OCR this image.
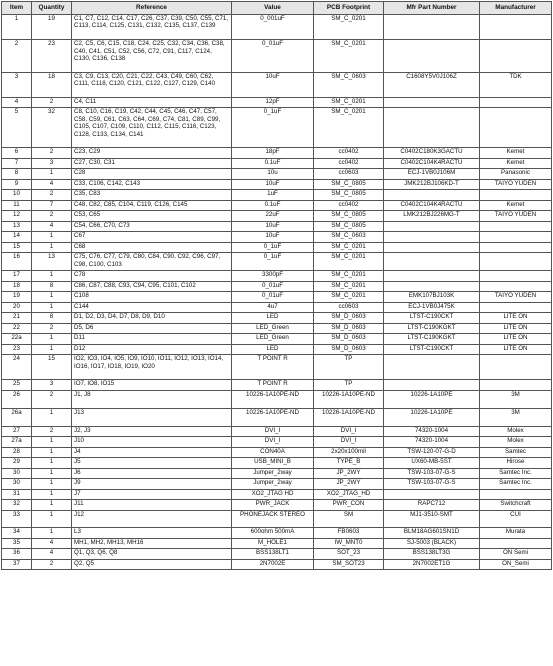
Item	Quantity	Reference	Value	PCB Footprint	Mfr Part Number	Manufacturer
1	19	C1, C7, C12, C14, C17, C26, C37, C39, C50, C55, C71, C113, C114, C125, C131, C132, C135, C137, C139	0_001uF	SM_C_0201		
2	23	C2, C5, C6, C15, C18, C24, C25, C32, C34, C36, C38, C40, C41, C51, C52, C56, C72, C91, C117, C124, C130, C136, C138	0_01uF	SM_C_0201		
3	18	C3, C9, C13, C20, C21, C22, C43, C49, C60, C62, C111, C118, C120, C121, C122, C127, C129, C140	10uF	SM_C_0603	C1608Y5V0J106Z	TDK
4	2	C4, C11	12pF	SM_C_0201		
5	32	C8, C10, C16, C19, C42, C44, C45, C46, C47, C57, C58, C59, C61, C63, C64, C69, C74, C81, C89, C99, C105, C107, C109, C110, C112, C115, C116, C123, C128, C133, C134, C141	0_1uF	SM_C_0201		
6	2	C23, C29	18pF	cc0402	C0402C180K3GACTU	Kemet
7	3	C27, C30, C31	0.1uF	cc0402	C0402C104K4RACTU	Kemet
8	1	C28	10u	cc0603	ECJ-1VB0J106M	Panasonic
9	4	C33, C106, C142, C143	10uF	SM_C_0805	JMK212BJ106KD-T	TAIYO YUDEN
10	2	C35, C83	1uF	SM_C_0805		
11	7	C48, C82, C85, C104, C119, C126, C145	0.1uF	cc0402	C0402C104K4RACTU	Kemet
12	2	C53, C65	22uF	SM_C_0805	LMK212BJ226MG-T	TAIYO YUDEN
13	4	C54, C66, C70, C73	10uF	SM_C_0805		
14	1	C67	10uF	SM_C_0603		
15	1	C68	0_1uF	SM_C_0201		
16	13	C75, C76, C77, C79, C80, C84, C90, C92, C96, C97, C98, C100, C103	0_1uF	SM_C_0201		
17	1	C78	3300pF	SM_C_0201		
18	8	C86, C87, C88, C93, C94, C95, C101, C102	0_01uF	SM_C_0201		
19	1	C108	0_01uF	SM_C_0201	EMK107BJ103K	TAIYO YUDEN
20	1	C144	4u7	cc0603	ECJ-1VB0J475K	
21	8	D1, D2, D3, D4, D7, D8, D9, D10	LED	SM_D_0603	LTST-C190CKT	LITE ON
22	2	D5, D6	LED_Green	SM_D_0603	LTST-C190KGKT	LITE ON
22a	1	D11	LED_Green	SM_D_0603	LTST-C190KGKT	LITE ON
23	1	D12	LED	SM_D_0603	LTST-C190CKT	LITE ON
24	15	IO2, IO3, IO4, IO5, IO9, IO10, IO11, IO12, IO13, IO14, IO16, IO17, IO18, IO19, IO20	T POINT R	TP		
25	3	IO7, IO8, IO15	T POINT R	TP		
26	2	J1, J8	10226-1A10PE-ND	10226-1A10PE-ND	10226-1A10PE	3M
26a	1	J13	10226-1A10PE-ND	10226-1A10PE-ND	10226-1A10PE	3M
27	2	J2, J3	DVI_I	DVI_I	74320-1004	Molex
27a	1	J10	DVI_I	DVI_I	74320-1004	Molex
28	1	J4	CON40A	2x20x100mil	TSW-120-07-G-D	Samtec
29	1	J5	USB_MINI_B	TYPE_B	UX60-MB-5ST	Hirose
30	1	J6	Jumper_2way	JP_2WY	TSW-103-07-G-S	Samtec Inc.
30	1	J9	Jumper_2way	JP_2WY	TSW-103-07-G-S	Samtec Inc.
31	1	J7	XO2_JTAG HD	XO2_JTAG_HD		
32	1	J11	PWR_JACK	PWR_CON	RAPC712	Switchcraft
33	1	J12	PHONEJACK STEREO	SM	MJ1-3510-SMT	CUI
34	1	L3	600ohm 500mA	FB0603	BLM18AG601SN1D	Murata
35	4	MH1, MH2, MH13, MH16	M_HOLE1	IW_MNT0	SJ-5003 (BLACK)	
36	4	Q1, Q3, Q6, Q8	BSS138LT1	SOT_23	BSS138LT3G	ON Semi
37	2	Q2, Q5	2N7002E	SM_SOT23	2N7002ET1G	ON_Semi
